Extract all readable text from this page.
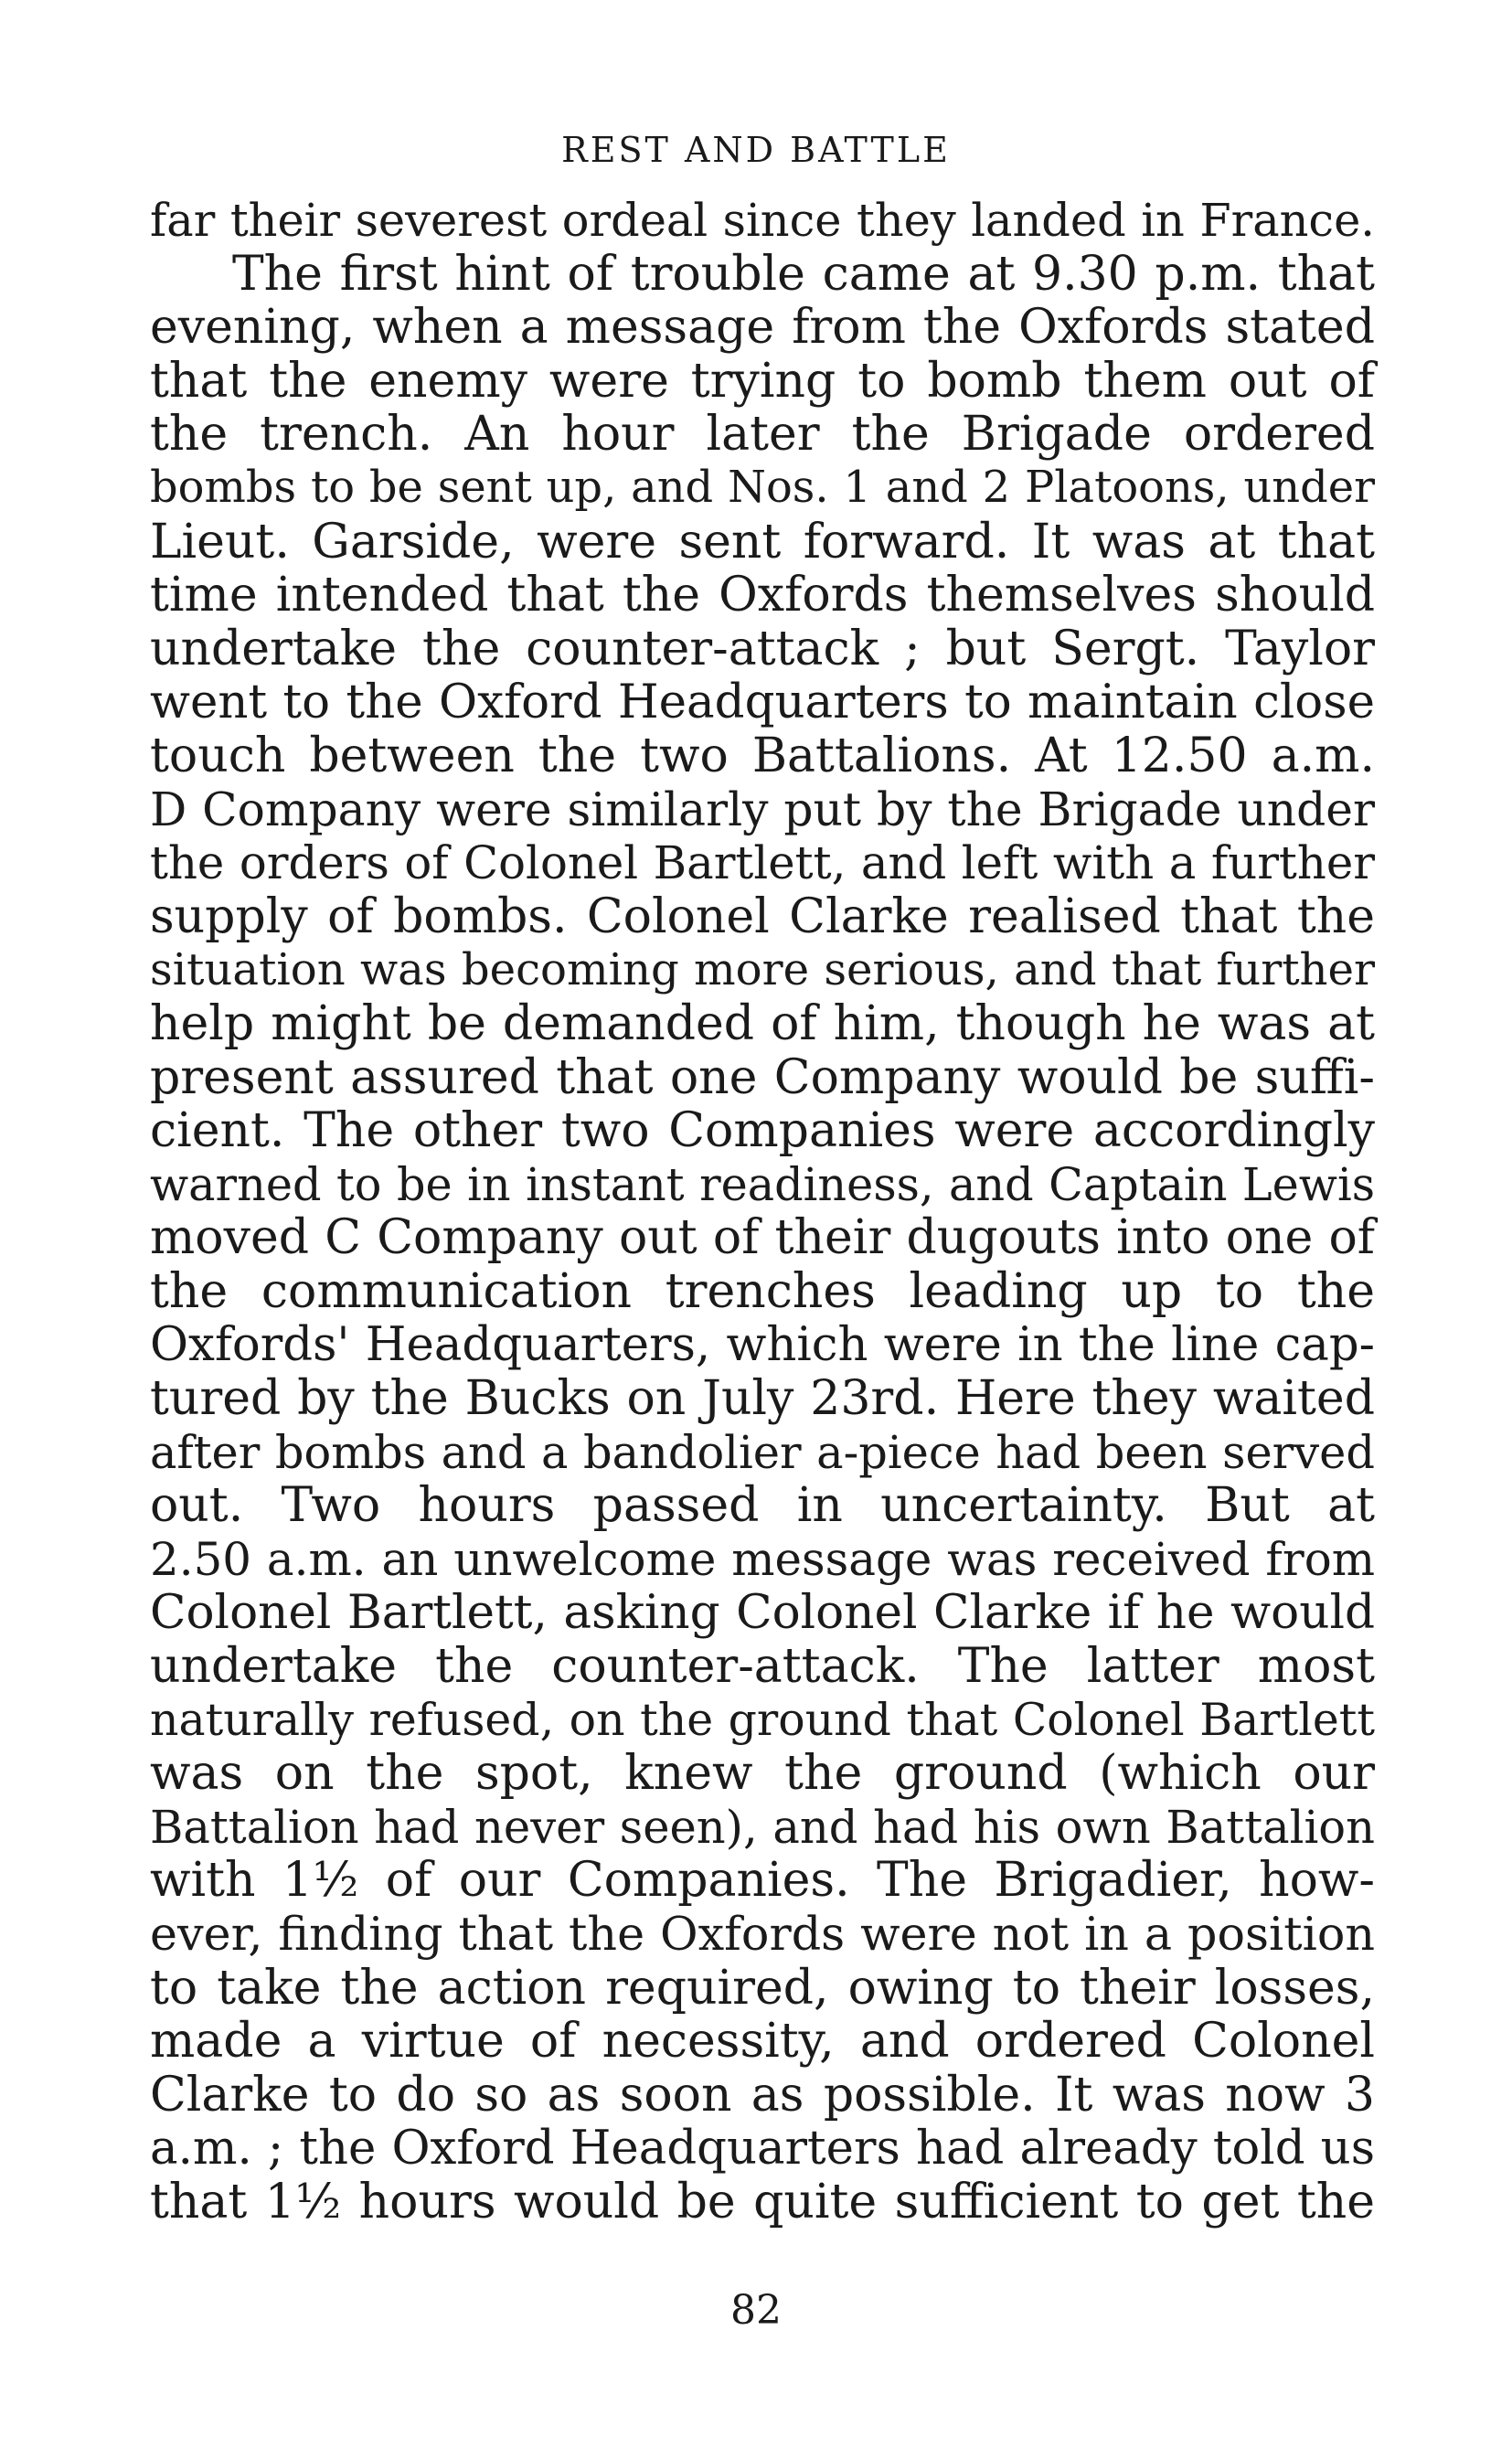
REST AND BATTLE
far their severest ordeal since they landed in France.
The first hint of trouble came at 9.30 p.m. that
evening, when a message from the Oxfords stated
that the enemy were trying to bomb them out of
the trench. An hour later the Brigade ordered
bombs to be sent up, and Nos. 1 and 2 Platoons, under
Lieut. Garside, were sent forward. It was at that
time intended that the Oxfords themselves should
undertake the counter-attack ; but Sergt. Taylor
went to the Oxford Headquarters to maintain close
touch between the two Battalions. At 12.50 a.m.
D Company were similarly put by the Brigade under
the orders of Colonel Bartlett, and left with a further
supply of bombs. Colonel Clarke realised that the
situation was becoming more serious, and that further
help might be demanded of him, though he was at
present assured that one Company would be suffi-
cient. The other two Companies were accordingly
warned to be in instant readiness, and Captain Lewis
moved C Company out of their dugouts into one of
the communication trenches leading up to the
Oxfords' Headquarters, which were in the line cap-
tured by the Bucks on July 23rd. Here they waited
after bombs and a bandolier a-piece had been served
out. Two hours passed in uncertainty. But at
2.50 a.m. an unwelcome message was received from
Colonel Bartlett, asking Colonel Clarke if he would
undertake the counter-attack. The latter most
naturally refused, on the ground that Colonel Bartlett
was on the spot, knew the ground (which our
Battalion had never seen), and had his own Battalion
with 1½ of our Companies. The Brigadier, how-
ever, finding that the Oxfords were not in a position
to take the action required, owing to their losses,
made a virtue of necessity, and ordered Colonel
Clarke to do so as soon as possible. It was now 3
a.m. ; the Oxford Headquarters had already told us
that 1½ hours would be quite sufficient to get the
82
